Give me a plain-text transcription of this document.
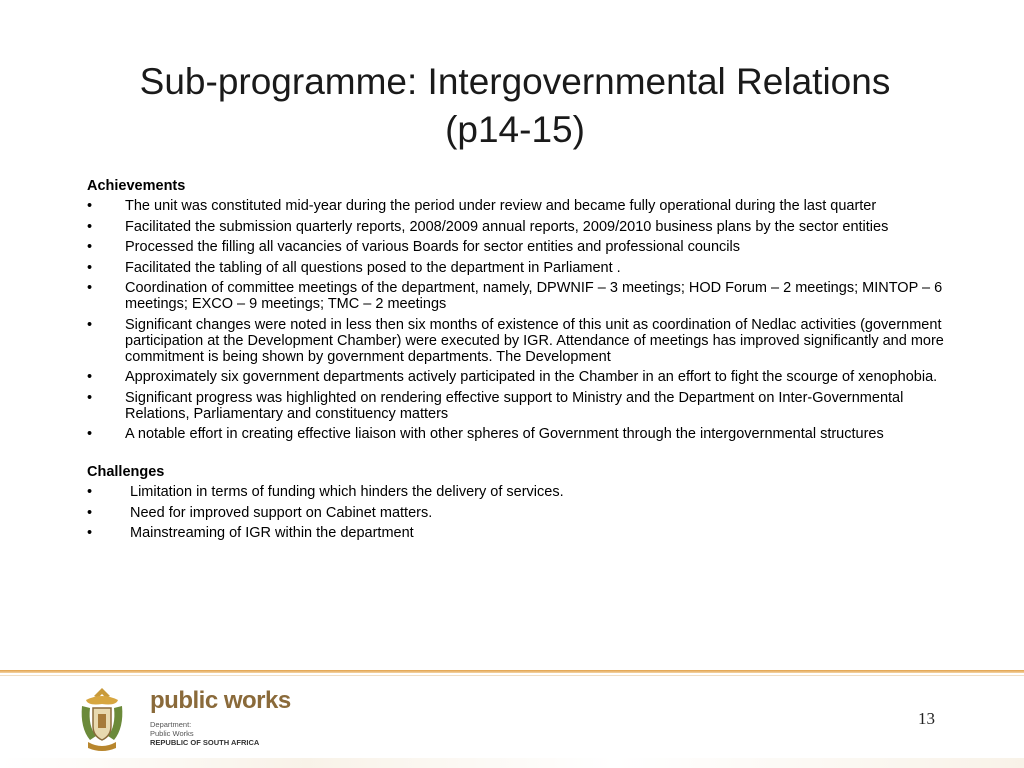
Sub-programme: Intergovernmental Relations
(p14-15)
Achievements
• The unit was constituted mid-year during the period under review and became fully operational during the last quarter
• Facilitated the submission quarterly reports, 2008/2009 annual reports, 2009/2010 business plans by the sector entities
• Processed the filling all vacancies of various Boards for sector entities and professional councils
• Facilitated the tabling of all questions posed to the department in Parliament .
• Coordination of committee meetings of the department, namely, DPWNIF – 3 meetings; HOD Forum – 2 meetings; MINTOP – 6 meetings; EXCO – 9 meetings; TMC – 2 meetings
• Significant changes were noted in less then six months of existence of this unit as coordination of Nedlac activities (government participation at the Development Chamber) were executed by IGR. Attendance of meetings has improved significantly and more commitment is being shown by government departments. The Development
• Approximately six government departments actively participated in the Chamber in an effort to fight the scourge of xenophobia.
• Significant progress was highlighted on rendering effective support to Ministry and the Department on Inter-Governmental Relations, Parliamentary and constituency matters
• A notable effort in creating effective liaison with other spheres of Government through the intergovernmental structures
Challenges
•	Limitation in terms of funding which hinders the delivery of services.
•	Need for improved support on Cabinet matters.
•	Mainstreaming of IGR within the department
public works
Department:
Public Works
REPUBLIC OF SOUTH AFRICA
13
